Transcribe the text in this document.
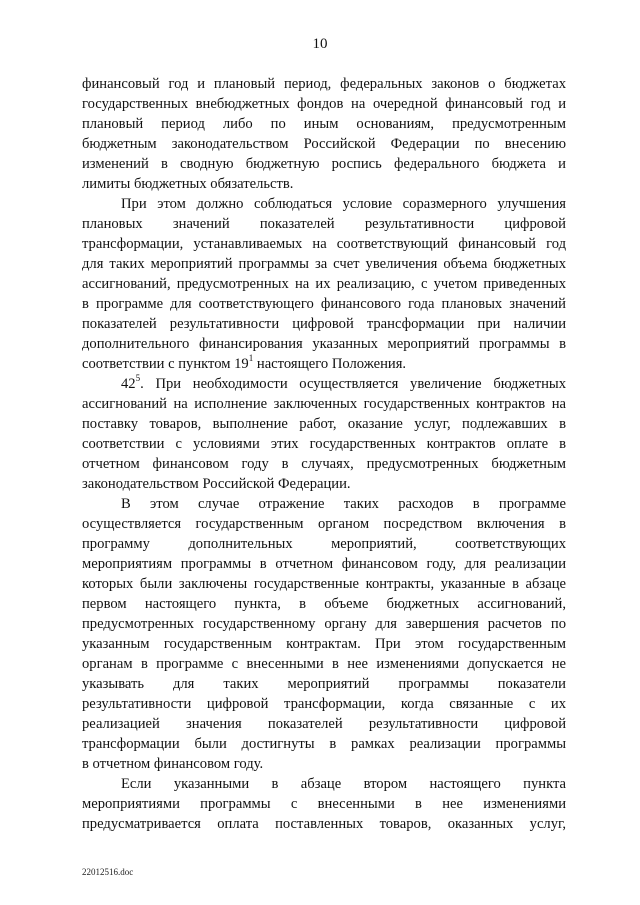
10
финансовый год и плановый период, федеральных законов о бюджетах
государственных внебюджетных фондов на очередной финансовый год и
плановый период либо по иным основаниям, предусмотренным
бюджетным законодательством Российской Федерации по внесению
изменений в сводную бюджетную роспись федерального бюджета и
лимиты бюджетных обязательств.
При этом должно соблюдаться условие соразмерного улучшения
плановых значений показателей результативности цифровой
трансформации, устанавливаемых на соответствующий финансовый год
для таких мероприятий программы за счет увеличения объема бюджетных
ассигнований, предусмотренных на их реализацию, с учетом приведенных
в программе для соответствующего финансового года плановых значений
показателей результативности цифровой трансформации при наличии
дополнительного финансирования указанных мероприятий программы в
соответствии с пунктом $19^1$ настоящего Положения.
$42^5$. При необходимости осуществляется увеличение бюджетных
ассигнований на исполнение заключенных государственных контрактов на
поставку товаров, выполнение работ, оказание услуг, подлежавших в
соответствии с условиями этих государственных контрактов оплате в
отчетном финансовом году в случаях, предусмотренных бюджетным
законодательством Российской Федерации.
В этом случае отражение таких расходов в программе
осуществляется государственным органом посредством включения в
программу дополнительных мероприятий, соответствующих
мероприятиям программы в отчетном финансовом году, для реализации
которых были заключены государственные контракты, указанные в абзаце
первом настоящего пункта, в объеме бюджетных ассигнований,
предусмотренных государственному органу для завершения расчетов по
указанным государственным контрактам. При этом государственным
органам в программе с внесенными в нее изменениями допускается не
указывать для таких мероприятий программы показатели
результативности цифровой трансформации, когда связанные с их
реализацией значения показателей результативности цифровой
трансформации были достигнуты в рамках реализации программы
в отчетном финансовом году.
Если указанными в абзаце втором настоящего пункта
мероприятиями программы с внесенными в нее изменениями
предусматривается оплата поставленных товаров, оказанных услуг,
22012516.doc
